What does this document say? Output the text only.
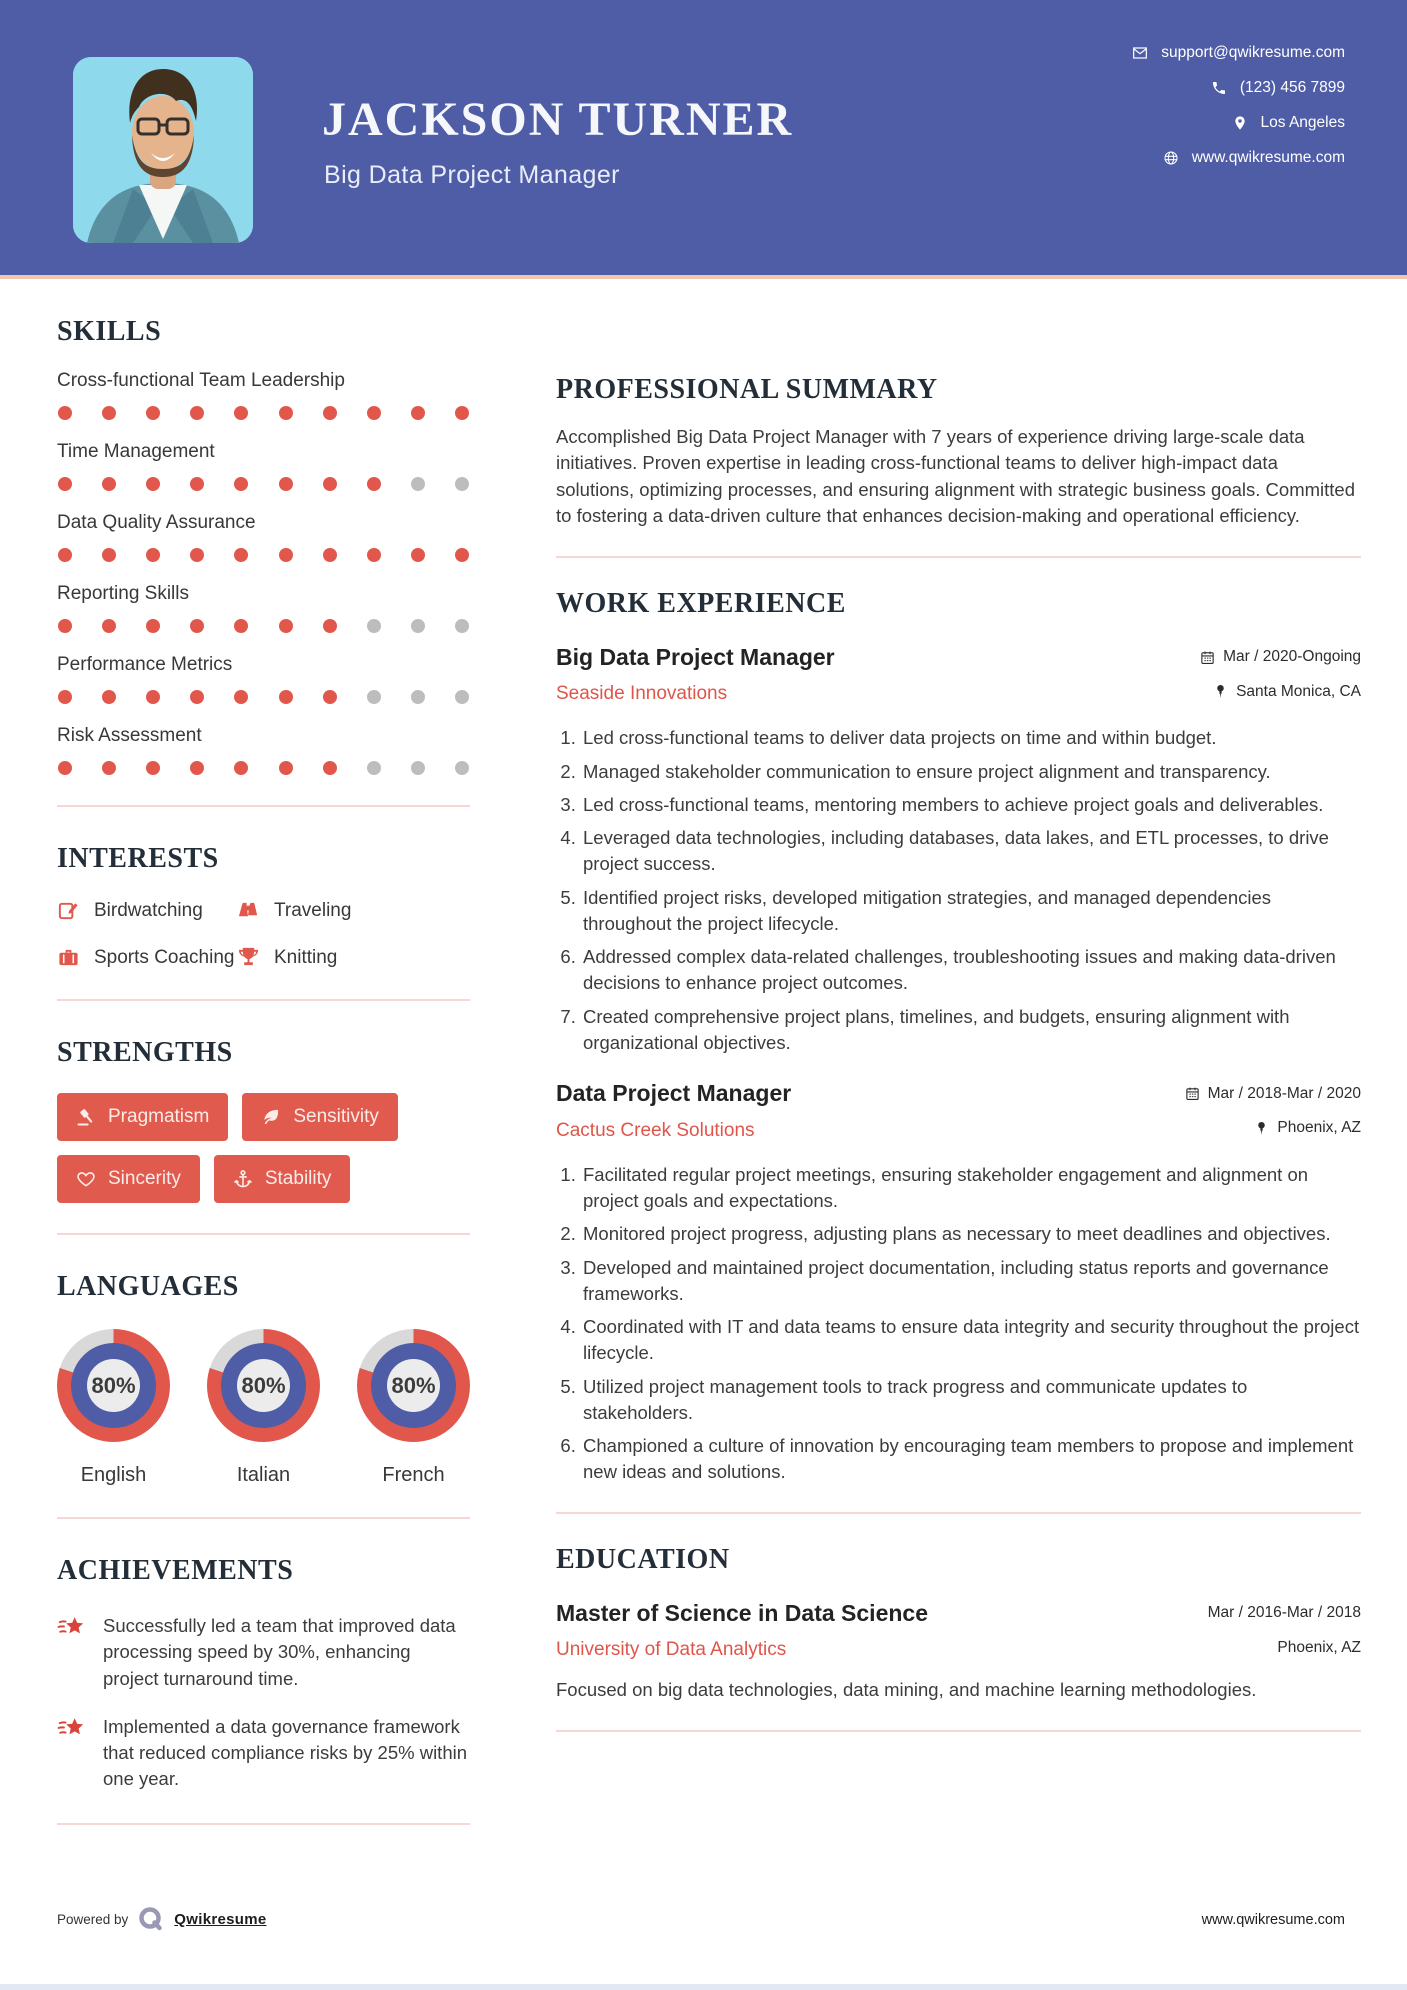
JACKSON TURNER
Big Data Project Manager
support@qwikresume.com
(123) 456 7899
Los Angeles
www.qwikresume.com
SKILLS
Cross-functional Team Leadership
Time Management
Data Quality Assurance
Reporting Skills
Performance Metrics
Risk Assessment
INTERESTS
Birdwatching	Traveling
Sports Coaching Knitting
STRENGTHS
Pragmatism	Sensitivity
Sincerity	Stability
LANGUAGES
80%
English
80%
Italian
80%
French
ACHIEVEMENTS
Successfully led a team that improved data processing speed by 30%, enhancing project turnaround time.
Implemented a data governance framework that reduced compliance risks by 25% within one year.
PROFESSIONAL SUMMARY

Accomplished Big Data Project Manager with 7 years of experience driving large-scale data initiatives. Proven expertise in leading cross-functional teams to deliver high-impact data solutions, optimizing processes, and ensuring alignment with strategic business goals. Committed to fostering a data-driven culture that enhances decision-making and operational efficiency.

WORK EXPERIENCE
Big Data Project Manager	Mar / 2020-Ongoing
Seaside Innovations	Santa Monica, CA
1. Led cross-functional teams to deliver data projects on time and within budget.
2. Managed stakeholder communication to ensure project alignment and transparency.
3. Led cross-functional teams, mentoring members to achieve project goals and deliverables.
4. Leveraged data technologies, including databases, data lakes, and ETL processes, to drive project success.
5. Identified project risks, developed mitigation strategies, and managed dependencies throughout the project lifecycle.
6. Addressed complex data-related challenges, troubleshooting issues and making data-driven decisions to enhance project outcomes.
7. Created comprehensive project plans, timelines, and budgets, ensuring alignment with organizational objectives.
Data Project Manager	Mar / 2018-Mar / 2020
Cactus Creek Solutions	Phoenix, AZ
1. Facilitated regular project meetings, ensuring stakeholder engagement and alignment on project goals and expectations.
2. Monitored project progress, adjusting plans as necessary to meet deadlines and objectives.
3. Developed and maintained project documentation, including status reports and governance frameworks.
4. Coordinated with IT and data teams to ensure data integrity and security throughout the project lifecycle.
5. Utilized project management tools to track progress and communicate updates to stakeholders.
6. Championed a culture of innovation by encouraging team members to propose and implement new ideas and solutions.
EDUCATION
Master of Science in Data Science	Mar / 2016-Mar / 2018
University of Data Analytics	Phoenix, AZ

Focused on big data technologies, data mining, and machine learning methodologies.

Powered by	Qwikresume	www.qwikresume.com
